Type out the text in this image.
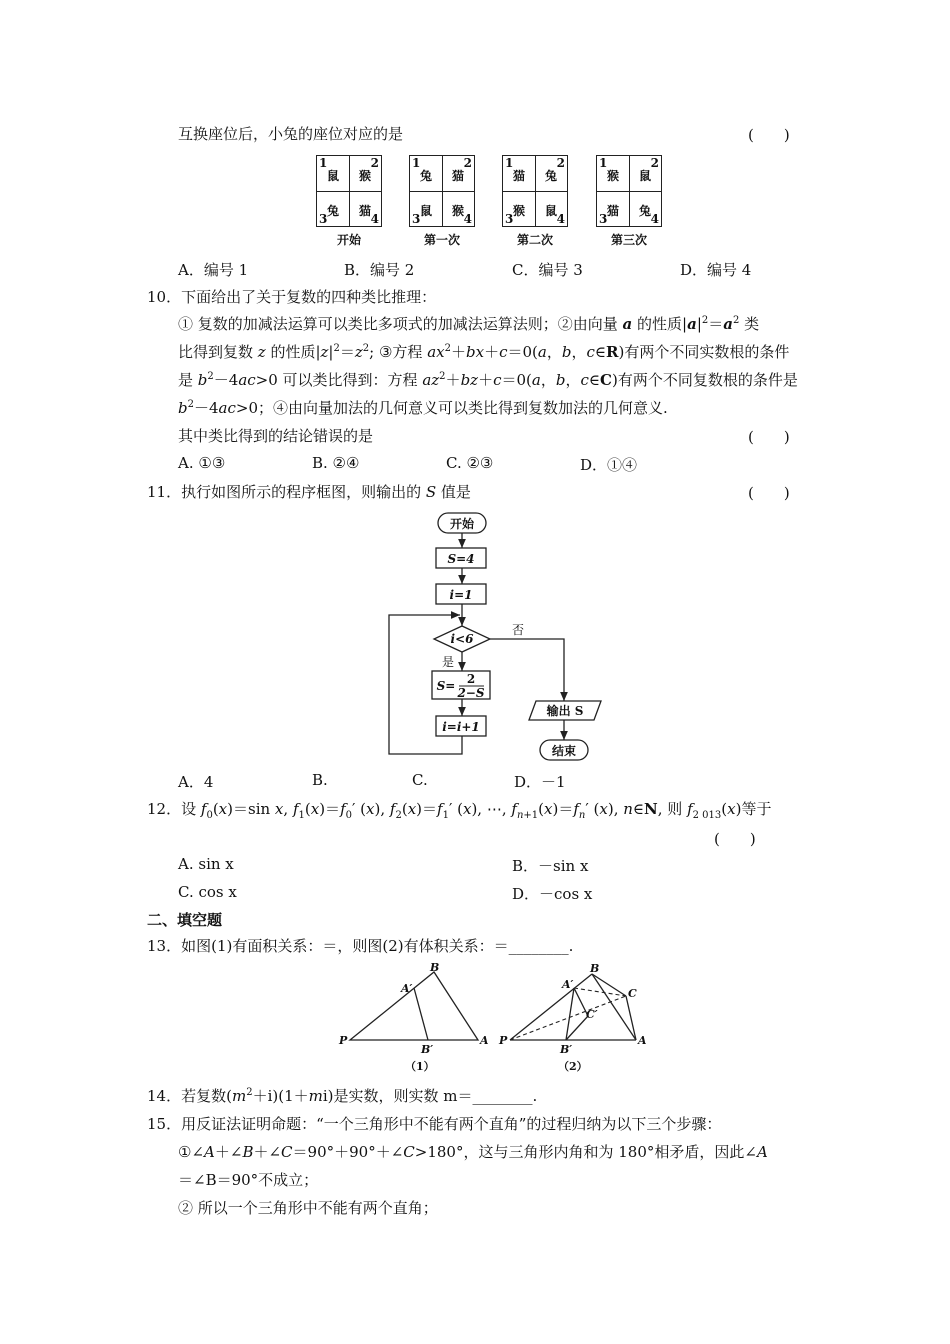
互换座位后，小兔的座位对应的是	(　　)
1	2
3	4
鼠 猴
兔 猫
开始
1	2
3	4
兔 猫
鼠 猴
第一次
1	2
3	4
猫 兔
猴 鼠
第二次
1	2
3	4
猴 鼠
猫 兔
第三次
A．编号 1	B．编号 2	C．编号 3	D．编号 4
10．下面给出了关于复数的四种类比推理：
① 复数的加减法运算可以类比多项式的加减法运算法则；②由向量 a 的性质$|a|^2=a^2$ 类
比得到复数 z 的性质$|z|^2=z^2$; ③方程 $ax^2+bx+c=0(a$，b，c∈R)有两个不同实数根的条件
是 $b^2-4ac>0$ 可以类比得到：方程 $az^2+bz+c=0(a$，b，c∈C)有两个不同复数根的条件是
$b^2-4ac>0$；④由向量加法的几何意义可以类比得到复数加法的几何意义.
其中类比得到的结论错误的是	(　　)
A. ①③	B. ②④	C. ②③	D．①④
11．执行如图所示的程序框图，则输出的 S 值是	(　　)
开始
S=4
i=1
i<6
否
是
S= 2
2−S
i=i+1
输出 S
结束
A．4	B.	C.	D．－1
12．设 $f_0(x)=\sin$ x, $f_1(x)=f_0'$ (x), $f_2(x)=f_1'$ (x), ⋯, $f_{n+1}(x)=f_n'$ (x), n∈N, 则 $f_{2 013}(x)$等于
(　　)
A. sin x	B．－sin x
C. cos x	D．－cos x
二、填空题
13．如图(1)有面积关系：＝，则图(2)有体积关系：＝________.
B
A′
P
B′
A
B
A′
C
C′
P
B′
A
（1）	（2）
14．若复数$(m^2+i)(1+mi)$是实数，则实数 m＝________.
15．用反证法证明命题：“一个三角形中不能有两个直角”的过程归纳为以下三个步骤：
①∠A＋∠B＋∠C＝90°＋90°＋∠C>180°，这与三角形内角和为 180°相矛盾，因此∠A
＝∠B＝90°不成立；
② 所以一个三角形中不能有两个直角；
